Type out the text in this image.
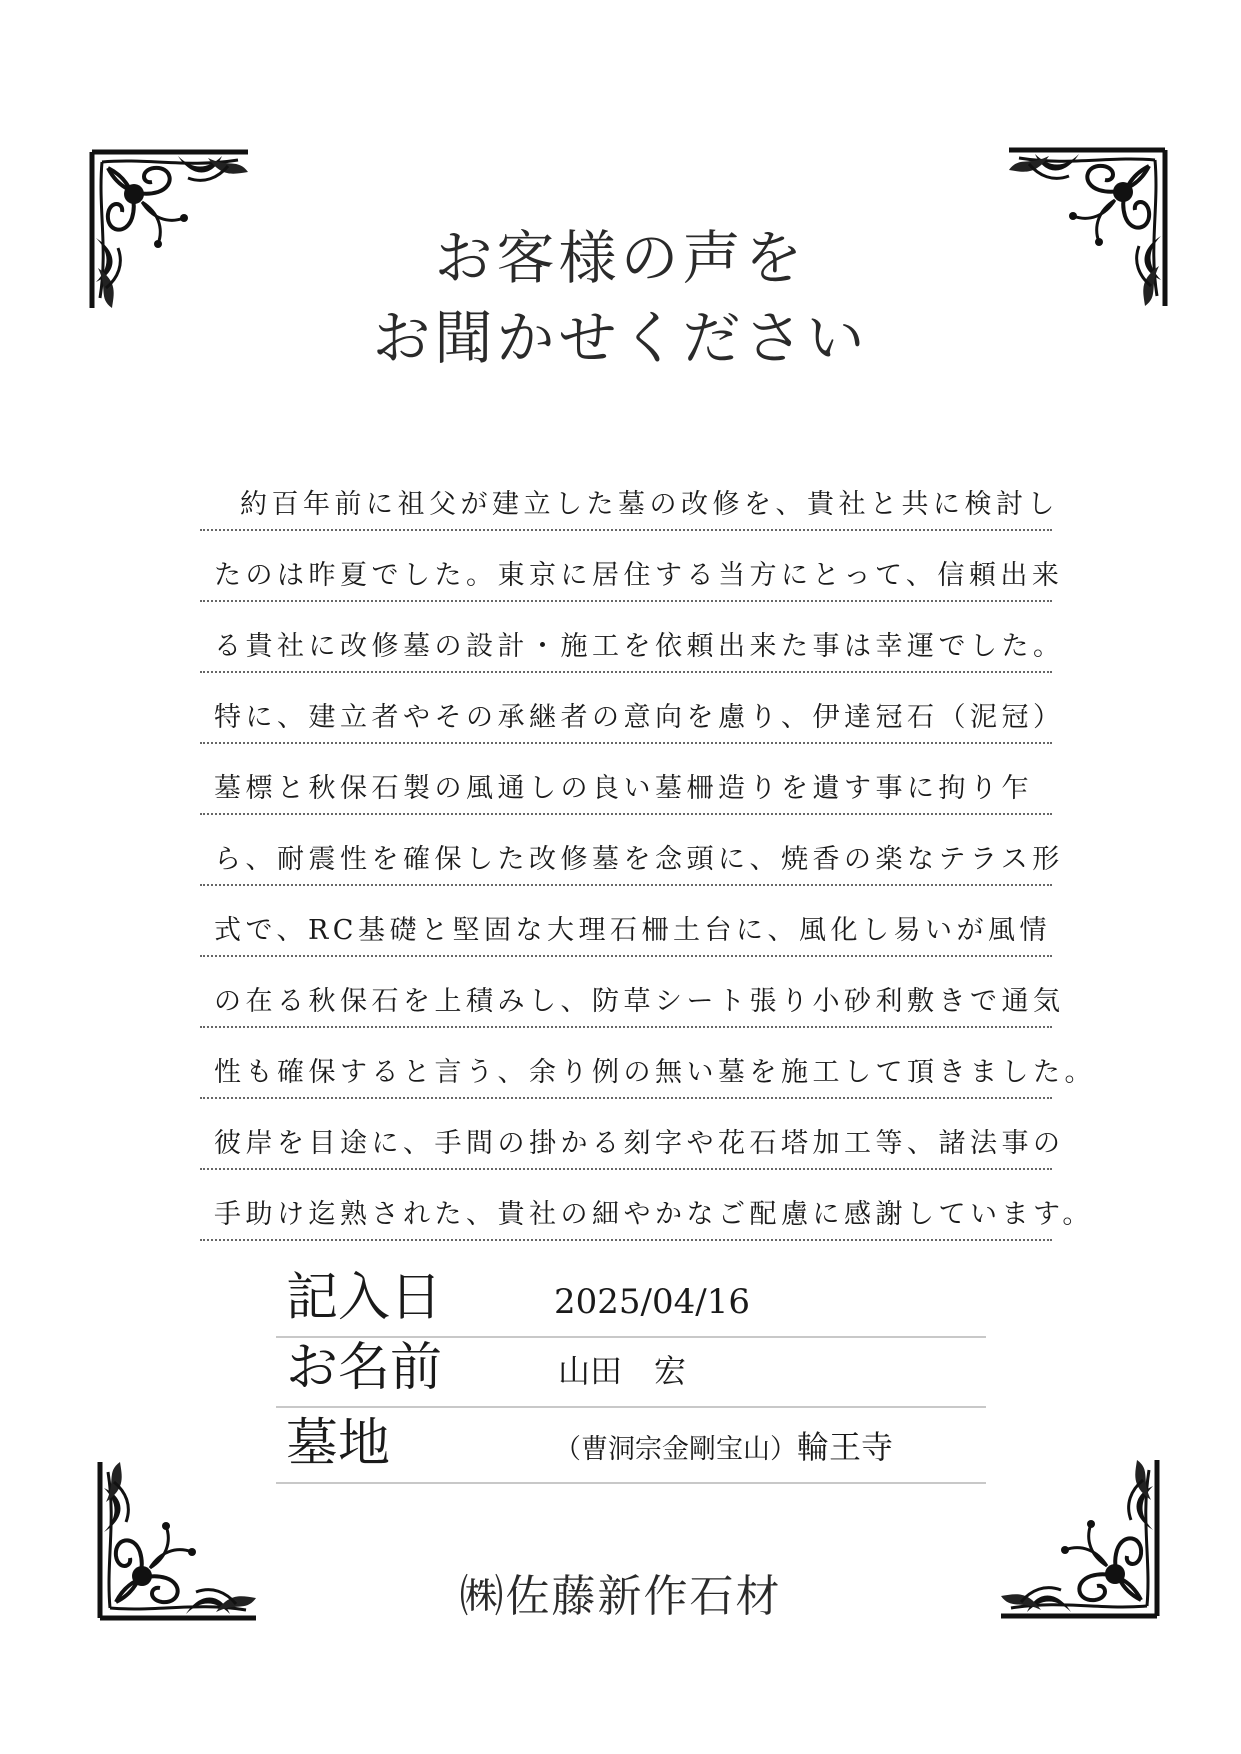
お客様の声を
お聞かせください
約百年前に祖父が建立した墓の改修を、貴社と共に検討し
たのは昨夏でした。東京に居住する当方にとって、信頼出来
る貴社に改修墓の設計・施工を依頼出来た事は幸運でした。
特に、建立者やその承継者の意向を慮り、伊達冠石（泥冠）
墓標と秋保石製の風通しの良い墓柵造りを遺す事に拘り乍
ら、耐震性を確保した改修墓を念頭に、焼香の楽なテラス形
式で、RC基礎と堅固な大理石柵土台に、風化し易いが風情
の在る秋保石を上積みし、防草シート張り小砂利敷きで通気
性も確保すると言う、余り例の無い墓を施工して頂きました。
彼岸を目途に、手間の掛かる刻字や花石塔加工等、諸法事の
手助け迄熟された、貴社の細やかなご配慮に感謝しています。
記入日	2025/04/16
お名前	山田　宏
墓地	（曹洞宗金剛宝山）輪王寺
㈱佐藤新作石材
